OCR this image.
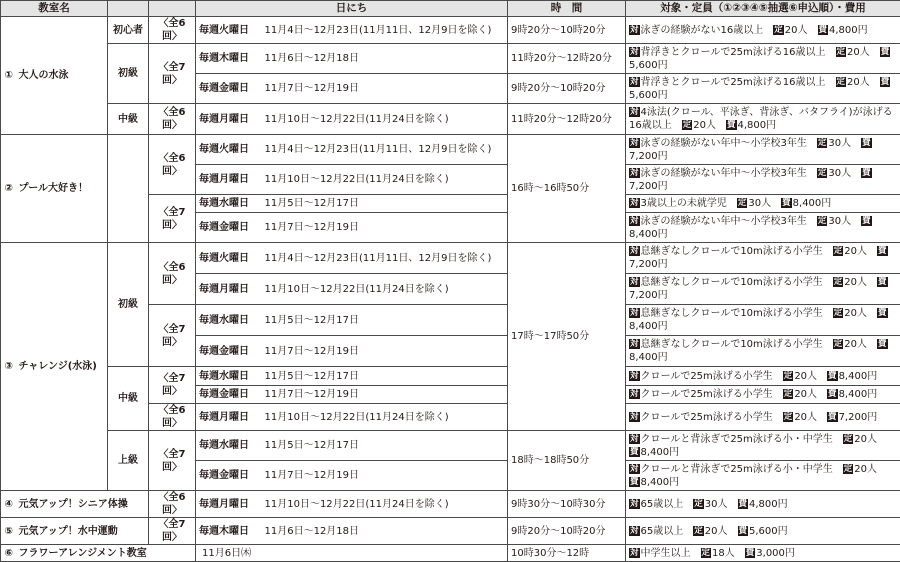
教室名				日にち		時　間	対象・定員（①②③④⑤抽選⑥申込順）・費用
①	大人の水泳	初心者	〈全6回〉	毎週火曜日	11月4日～12月23日(11月11日、12月9日を除く)	9時20分～10時20分	対 泳ぎの経験がない16歳以上 定 20人 費 4,800円
		初級	〈全7回〉	毎週木曜日	11月6日～12月18日	11時20分～12時20分	対 背浮きとクロールで25m泳げる16歳以上 定 20人 費5,600円
				毎週金曜日	11月7日～12月19日	9時20分～10時20分	対 背浮きとクロールで25m泳げる16歳以上 定 20人 費5,600円
		中級	〈全6回〉	毎週月曜日	11月10日～12月22日(11月24日を除く)	11時20分～12時20分	対 4泳法(クロール、平泳ぎ、背泳ぎ、バタフライ)が泳げる16歳以上 定 20人 費 4,800円
②	プール大好き！		〈全6回〉	毎週火曜日	11月4日～12月23日(11月11日、12月9日を除く)	16時～16時50分	対 泳ぎの経験がない年中～小学校3年生 定 30人 費7,200円
				毎週月曜日	11月10日～12月22日(11月24日を除く)		対 泳ぎの経験がない年中～小学校3年生 定 30人 費7,200円
			〈全7回〉	毎週水曜日	11月5日～12月17日		対 3歳以上の未就学児 定 30人 費 8,400円
				毎週金曜日	11月7日～12月19日		対 泳ぎの経験がない年中～小学校3年生 定 30人 費8,400円
③	チャレンジ(水泳)	初級	〈全6回〉	毎週火曜日	11月4日～12月23日(11月11日、12月9日を除く)	17時～17時50分	対 息継ぎなしクロールで10m泳げる小学生 定 20人 費7,200円
				毎週月曜日	11月10日～12月22日(11月24日を除く)		対 息継ぎなしクロールで10m泳げる小学生 定 20人 費7,200円
			〈全7回〉	毎週水曜日	11月5日～12月17日		対 息継ぎなしクロールで10m泳げる小学生 定 20人 費8,400円
				毎週金曜日	11月7日～12月19日		対 息継ぎなしクロールで10m泳げる小学生 定 20人 費8,400円
		中級	〈全7回〉	毎週水曜日	11月5日～12月17日		対 クロールで25m泳げる小学生 定 20人 費 8,400円
				毎週金曜日	11月7日～12月19日		対 クロールで25m泳げる小学生 定 20人 費 8,400円
			〈全6回〉	毎週月曜日	11月10日～12月22日(11月24日を除く)		対 クロールで25m泳げる小学生 定 20人 費 7,200円
		上級	〈全7回〉	毎週水曜日	11月5日～12月17日	18時～18時50分	対 クロールと背泳ぎで25m泳げる小・中学生 定 20人費 8,400円
				毎週金曜日	11月7日～12月19日		対 クロールと背泳ぎで25m泳げる小・中学生 定 20人費 8,400円
④	元気アップ！シニア体操		〈全6回〉	毎週月曜日	11月10日～12月22日(11月24日を除く)	9時30分～10時30分	対 65歳以上 定 30人 費 4,800円
⑤	元気アップ！水中運動		〈全7回〉	毎週木曜日	11月6日～12月18日	9時20分～10時20分	対 65歳以上 定 20人 費 5,600円
⑥	フラワーアレンジメント教室			11月6日㈭		10時30分～12時	対 中学生以上 定 18人 費 3,000円
